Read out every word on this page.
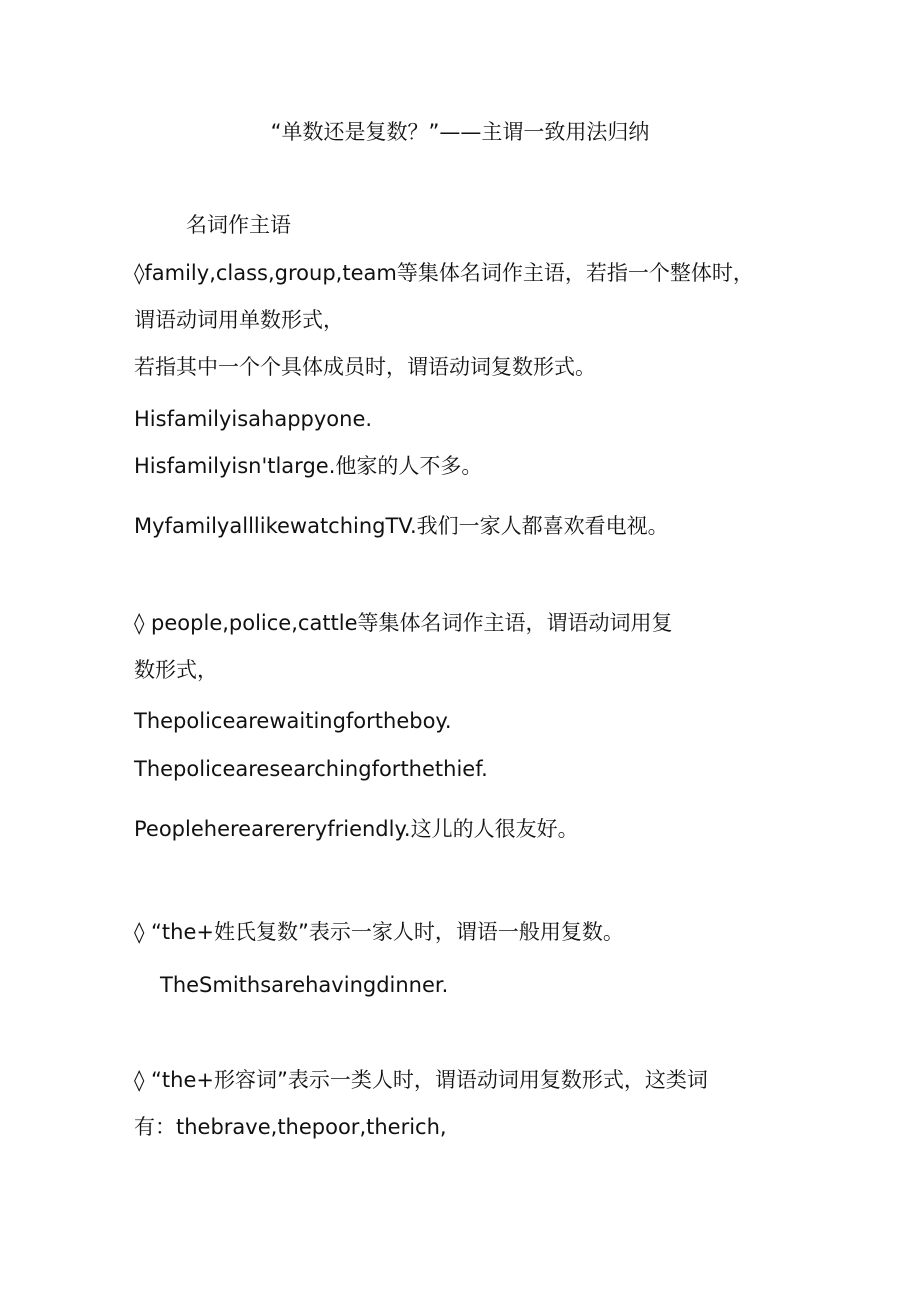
“单数还是复数？”——主谓一致用法归纳
名词作主语
◊family,class,group,team等集体名词作主语，若指一个整体时，
谓语动词用单数形式，
若指其中一个个具体成员时，谓语动词复数形式。
Hisfamilyisahappyone.
Hisfamilyisn'tlarge.他家的人不多。
MyfamilyalllikewatchingTV.我们一家人都喜欢看电视。
◊ people,police,cattle等集体名词作主语，谓语动词用复
数形式，
Thepolicearewaitingfortheboy.
Thepolicearesearchingforthethief.
Peopleherearereryfriendly.这儿的人很友好。
◊ “the+姓氏复数”表示一家人时，谓语一般用复数。
TheSmithsarehavingdinner.
◊ “the+形容词”表示一类人时，谓语动词用复数形式，这类词
有：thebrave,thepoor,therich,
